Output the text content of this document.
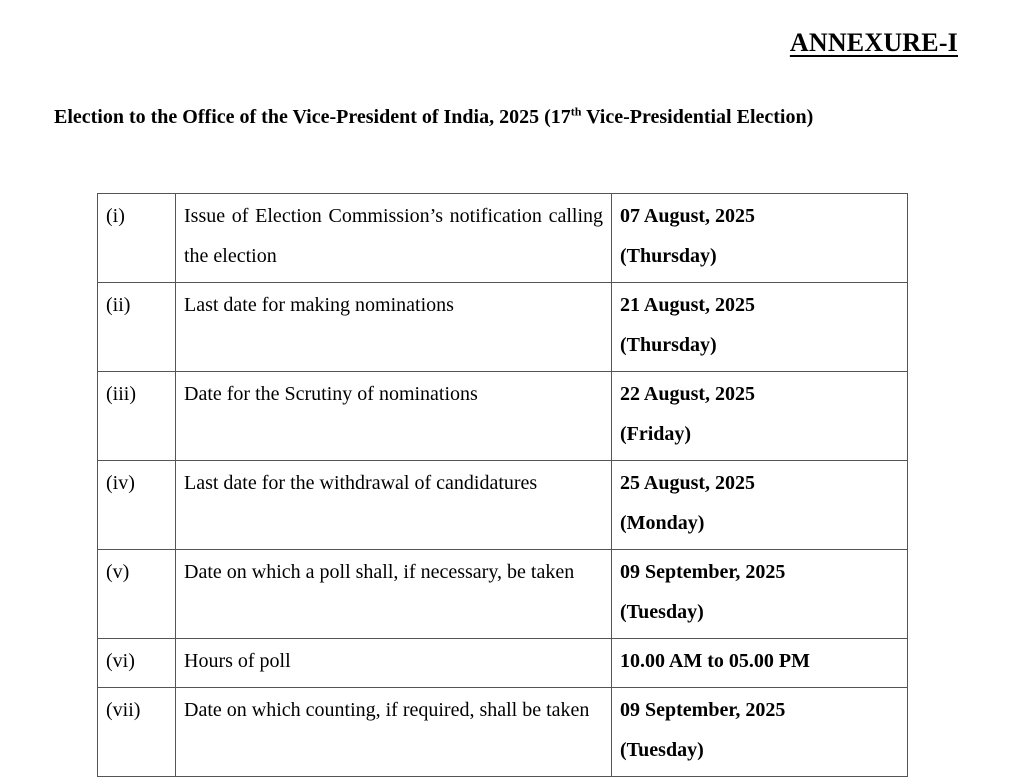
ANNEXURE-I
Election to the Office of the Vice-President of India, 2025 (17th Vice-Presidential Election)
(i)	Issue of Election Commission’s notification calling the election	07 August, 2025
(Thursday)

(ii)	Last date for making nominations	21 August, 2025
(Thursday)

(iii)	Date for the Scrutiny of nominations	22 August, 2025
(Friday)

(iv)	Last date for the withdrawal of candidatures	25 August, 2025
(Monday)

(v)	Date on which a poll shall, if necessary, be taken	09 September, 2025
(Tuesday)

(vi)	Hours of poll	10.00 AM to 05.00 PM

(vii)	Date on which counting, if required, shall be taken	09 September, 2025
(Tuesday)
